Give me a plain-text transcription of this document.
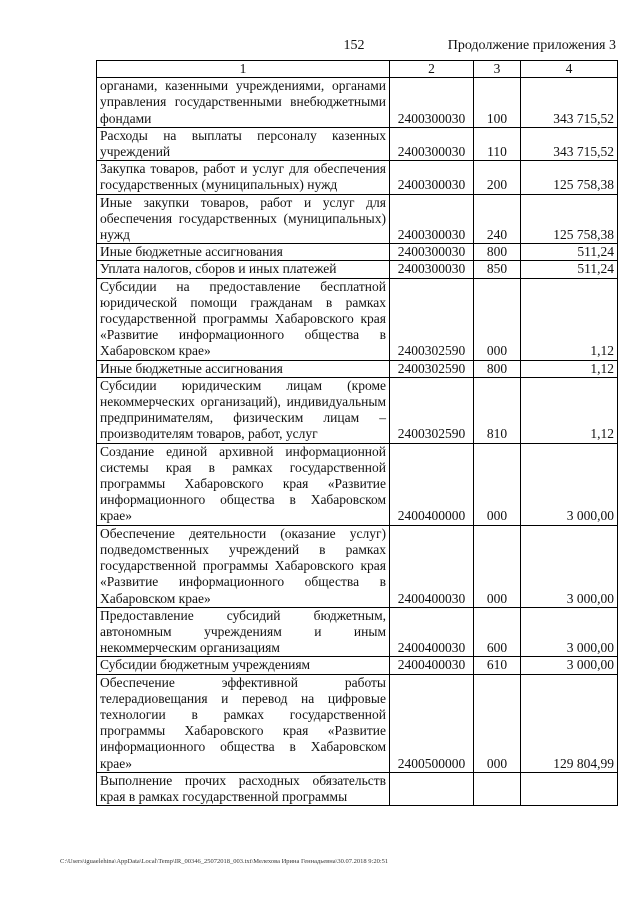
152	Продолжение приложения 3
1	2	3	4
органами, казенными учреждениями, органами управления государственными внебюджетными фондами	2400300030	100	343 715,52
Расходы на выплаты персоналу казенных учреждений	2400300030	110	343 715,52
Закупка товаров, работ и услуг для обеспечения государственных (муниципальных) нужд	2400300030	200	125 758,38
Иные закупки товаров, работ и услуг для обеспечения государственных (муниципальных) нужд	2400300030	240	125 758,38
Иные бюджетные ассигнования	2400300030	800	511,24
Уплата налогов, сборов и иных платежей	2400300030	850	511,24
Субсидии на предоставление бесплатной юридической помощи гражданам в рамках государственной программы Хабаровского края «Развитие информационного общества в Хабаровском крае»	2400302590	000	1,12
Иные бюджетные ассигнования	2400302590	800	1,12
Субсидии юридическим лицам (кроме некоммерческих организаций), индивидуальным предпринимателям, физическим лицам – производителям товаров, работ, услуг	2400302590	810	1,12
Создание единой архивной информационной системы края в рамках государственной программы Хабаровского края «Развитие информационного общества в Хабаровском крае»	2400400000	000	3 000,00
Обеспечение деятельности (оказание услуг) подведомственных учреждений в рамках государственной программы Хабаровского края «Развитие информационного общества в Хабаровском крае»	2400400030	000	3 000,00
Предоставление субсидий бюджетным, автономным учреждениям и иным некоммерческим организациям	2400400030	600	3 000,00
Субсидии бюджетным учреждениям	2400400030	610	3 000,00
Обеспечение эффективной работы телерадиовещания и перевод на цифровые технологии в рамках государственной программы Хабаровского края «Развитие информационного общества в Хабаровском крае»	2400500000	000	129 804,99
Выполнение прочих расходных обязательств края в рамках государственной программы			
C:\Users\iguaelehina\AppData\Local\Temp\IR_00346_25072018_003.txt\Мелехова Ирина Геннадьевна\30.07.2018 9:20:51
